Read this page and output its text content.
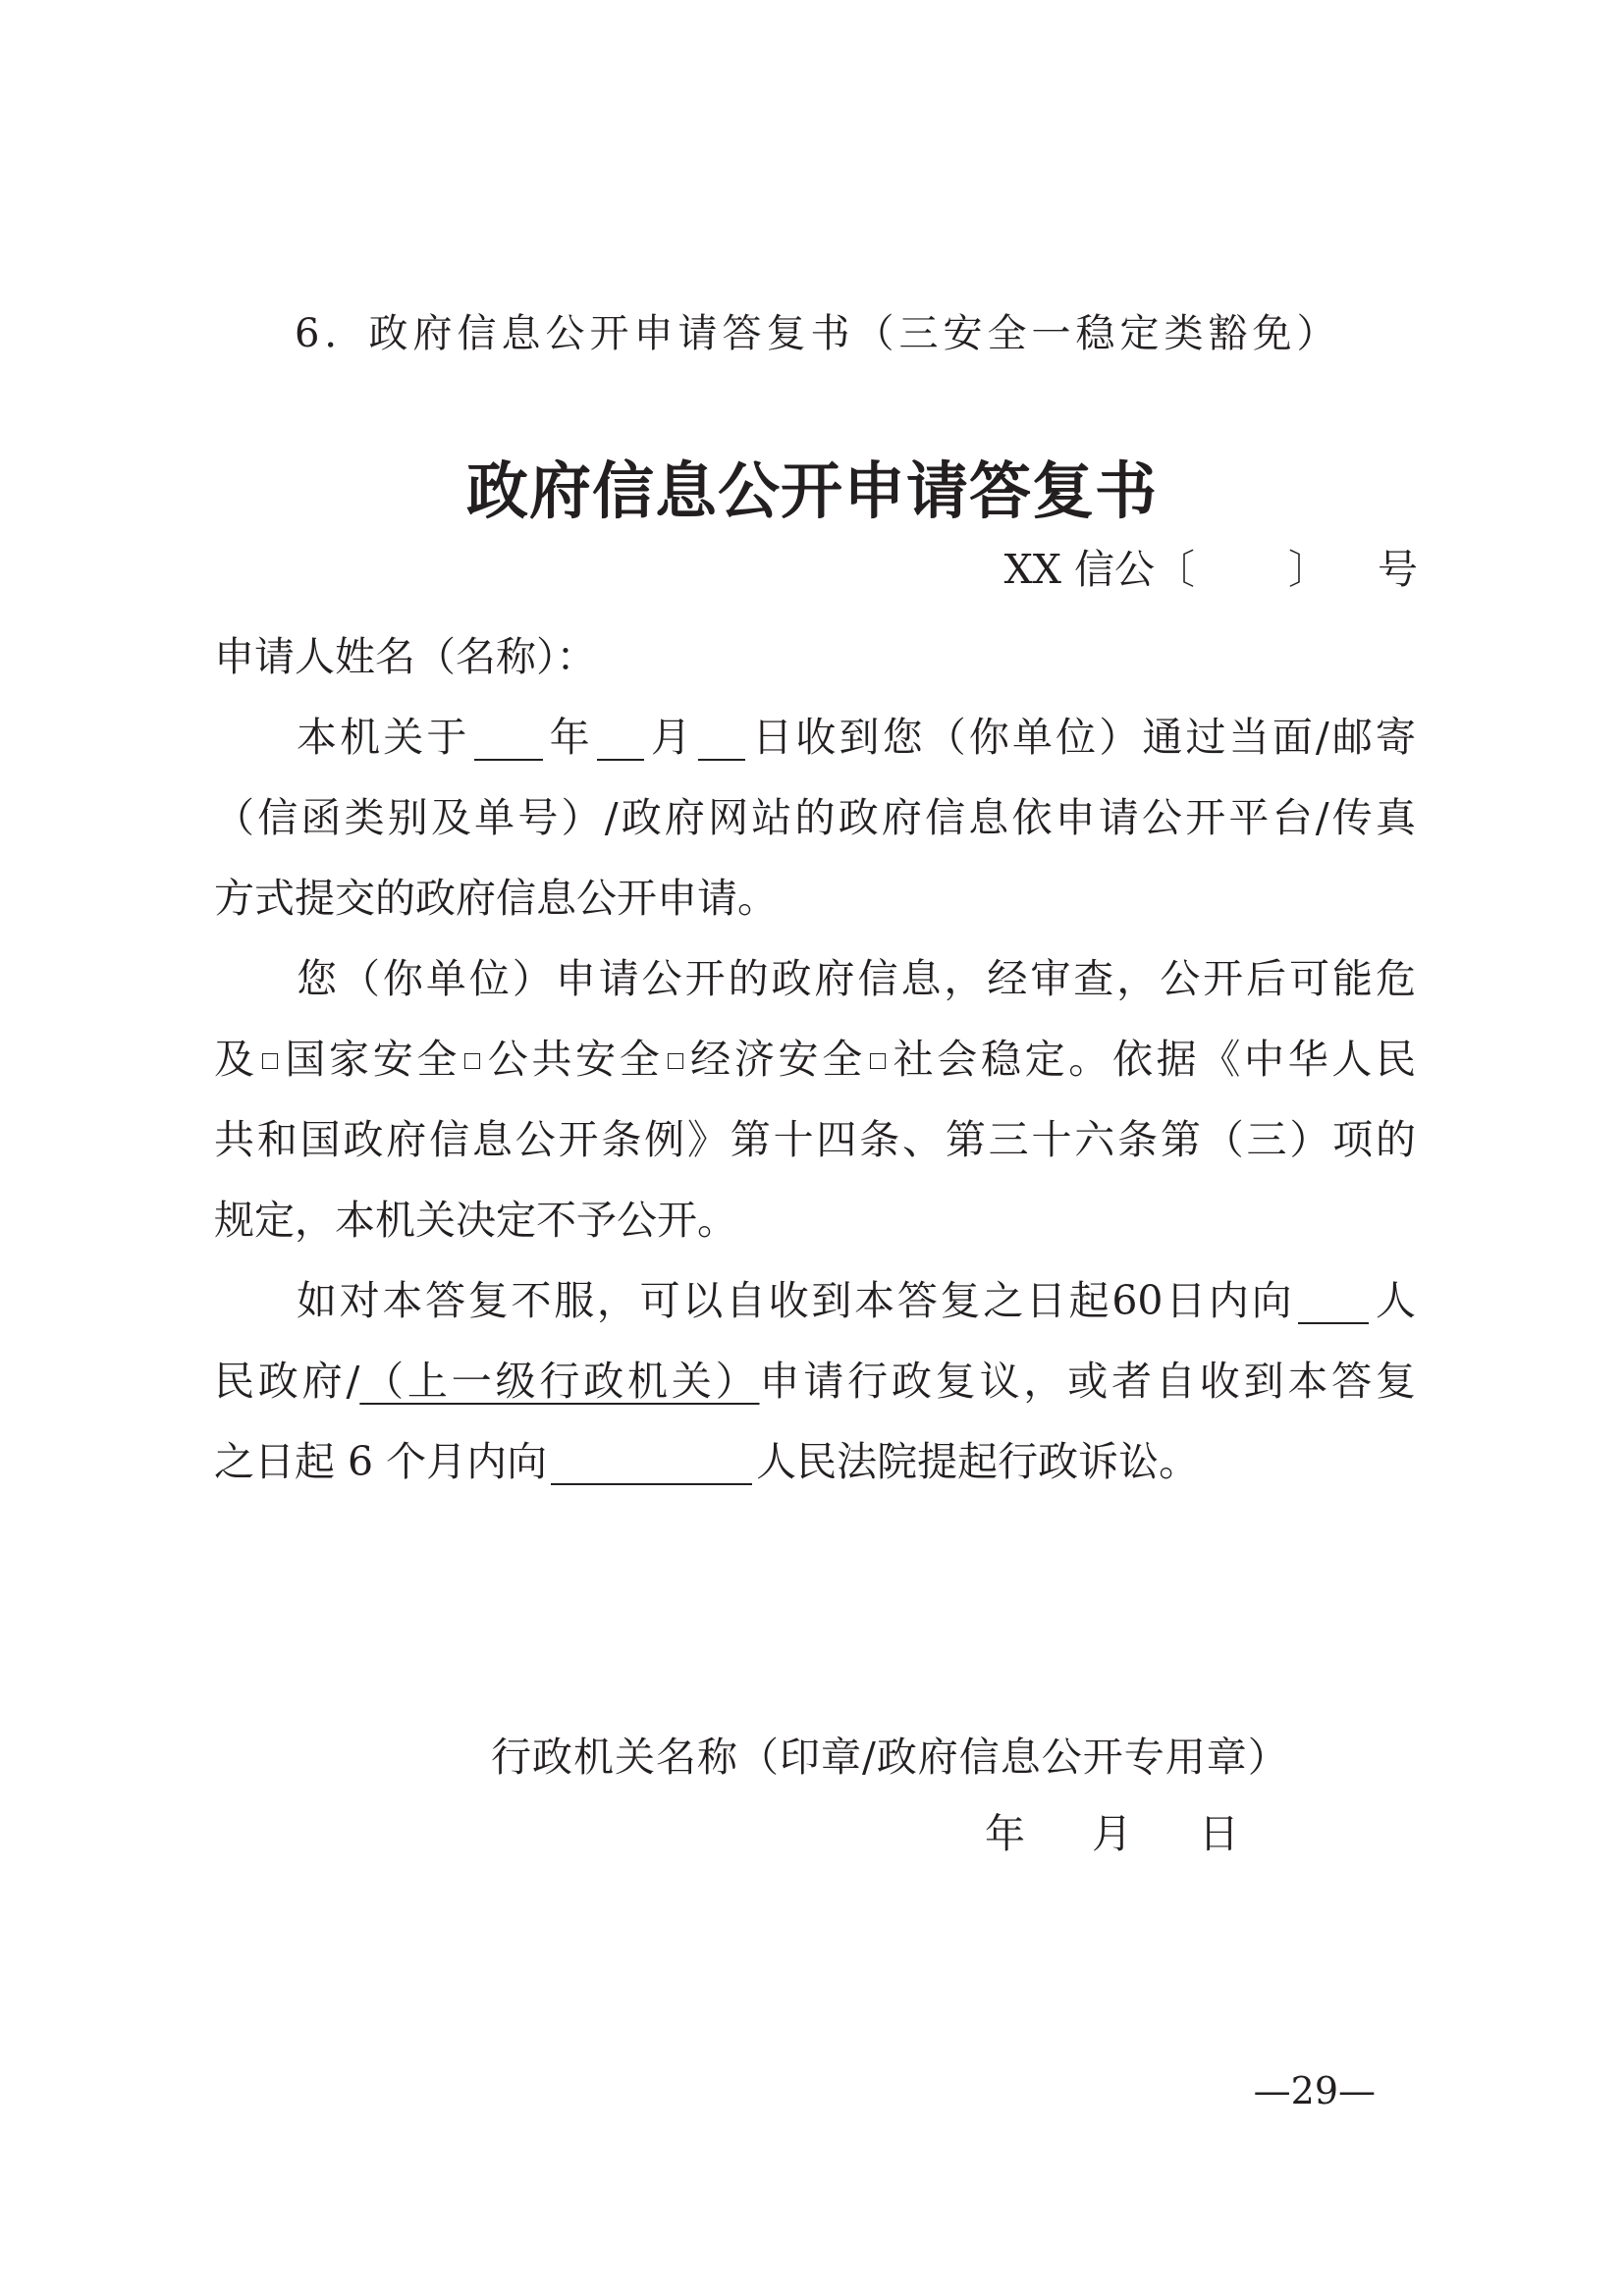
6．政府信息公开申请答复书（三安全一稳定类豁免）
政府信息公开申请答复书
XX 信公〔 〕 号
申请人姓名（名称）：
本机关于 年 月 日收到您（你单位）通过当面/邮寄
（信函类别及单号）/政府网站的政府信息依申请公开平台/传真
方式提交的政府信息公开申请。
您（你单位）申请公开的政府信息，经审查，公开后可能危
及 国家安全 公共安全 经济安全 社会稳定。依据《中华人民
共和国政府信息公开条例》第十四条、第三十六条第（三）项的
规定，本机关决定不予公开。
如对本答复不服，可以自收到本答复之日起60日内向 人
民政府/（上一级行政机关）申请行政复议，或者自收到本答复
之日起 6 个月内向	人民法院提起行政诉讼。
行政机关名称（印章/政府信息公开专用章）
年 月 日
—29—
